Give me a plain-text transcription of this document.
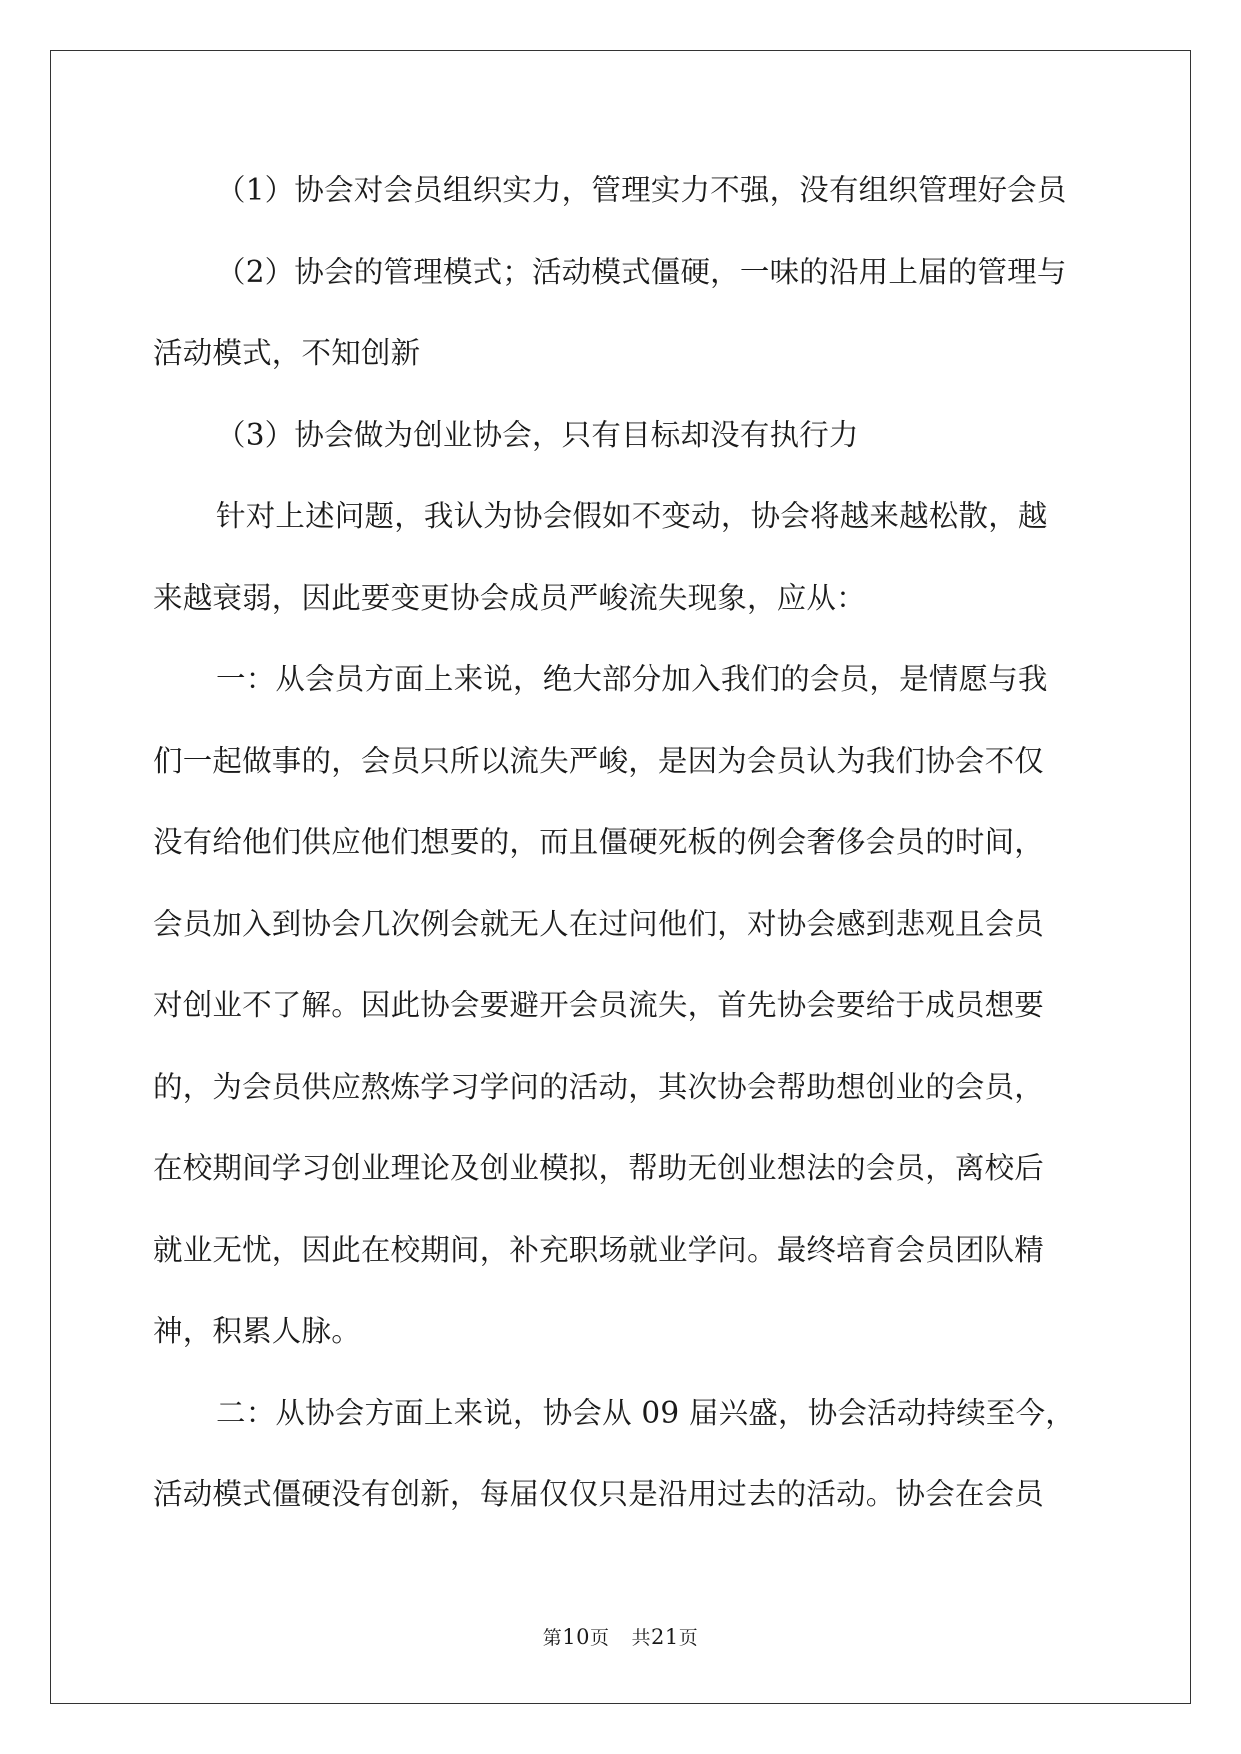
（1）协会对会员组织实力，管理实力不强，没有组织管理好会员
（2）协会的管理模式；活动模式僵硬，一味的沿用上届的管理与
活动模式，不知创新
（3）协会做为创业协会，只有目标却没有执行力
针对上述问题，我认为协会假如不变动，协会将越来越松散，越
来越衰弱，因此要变更协会成员严峻流失现象，应从：
一：从会员方面上来说，绝大部分加入我们的会员，是情愿与我
们一起做事的，会员只所以流失严峻，是因为会员认为我们协会不仅
没有给他们供应他们想要的，而且僵硬死板的例会奢侈会员的时间，
会员加入到协会几次例会就无人在过问他们，对协会感到悲观且会员
对创业不了解。因此协会要避开会员流失，首先协会要给于成员想要
的，为会员供应熬炼学习学问的活动，其次协会帮助想创业的会员，
在校期间学习创业理论及创业模拟，帮助无创业想法的会员，离校后
就业无忧，因此在校期间，补充职场就业学问。最终培育会员团队精
神，积累人脉。
二：从协会方面上来说，协会从 09 届兴盛，协会活动持续至今，
活动模式僵硬没有创新，每届仅仅只是沿用过去的活动。协会在会员
第10页 共21页
